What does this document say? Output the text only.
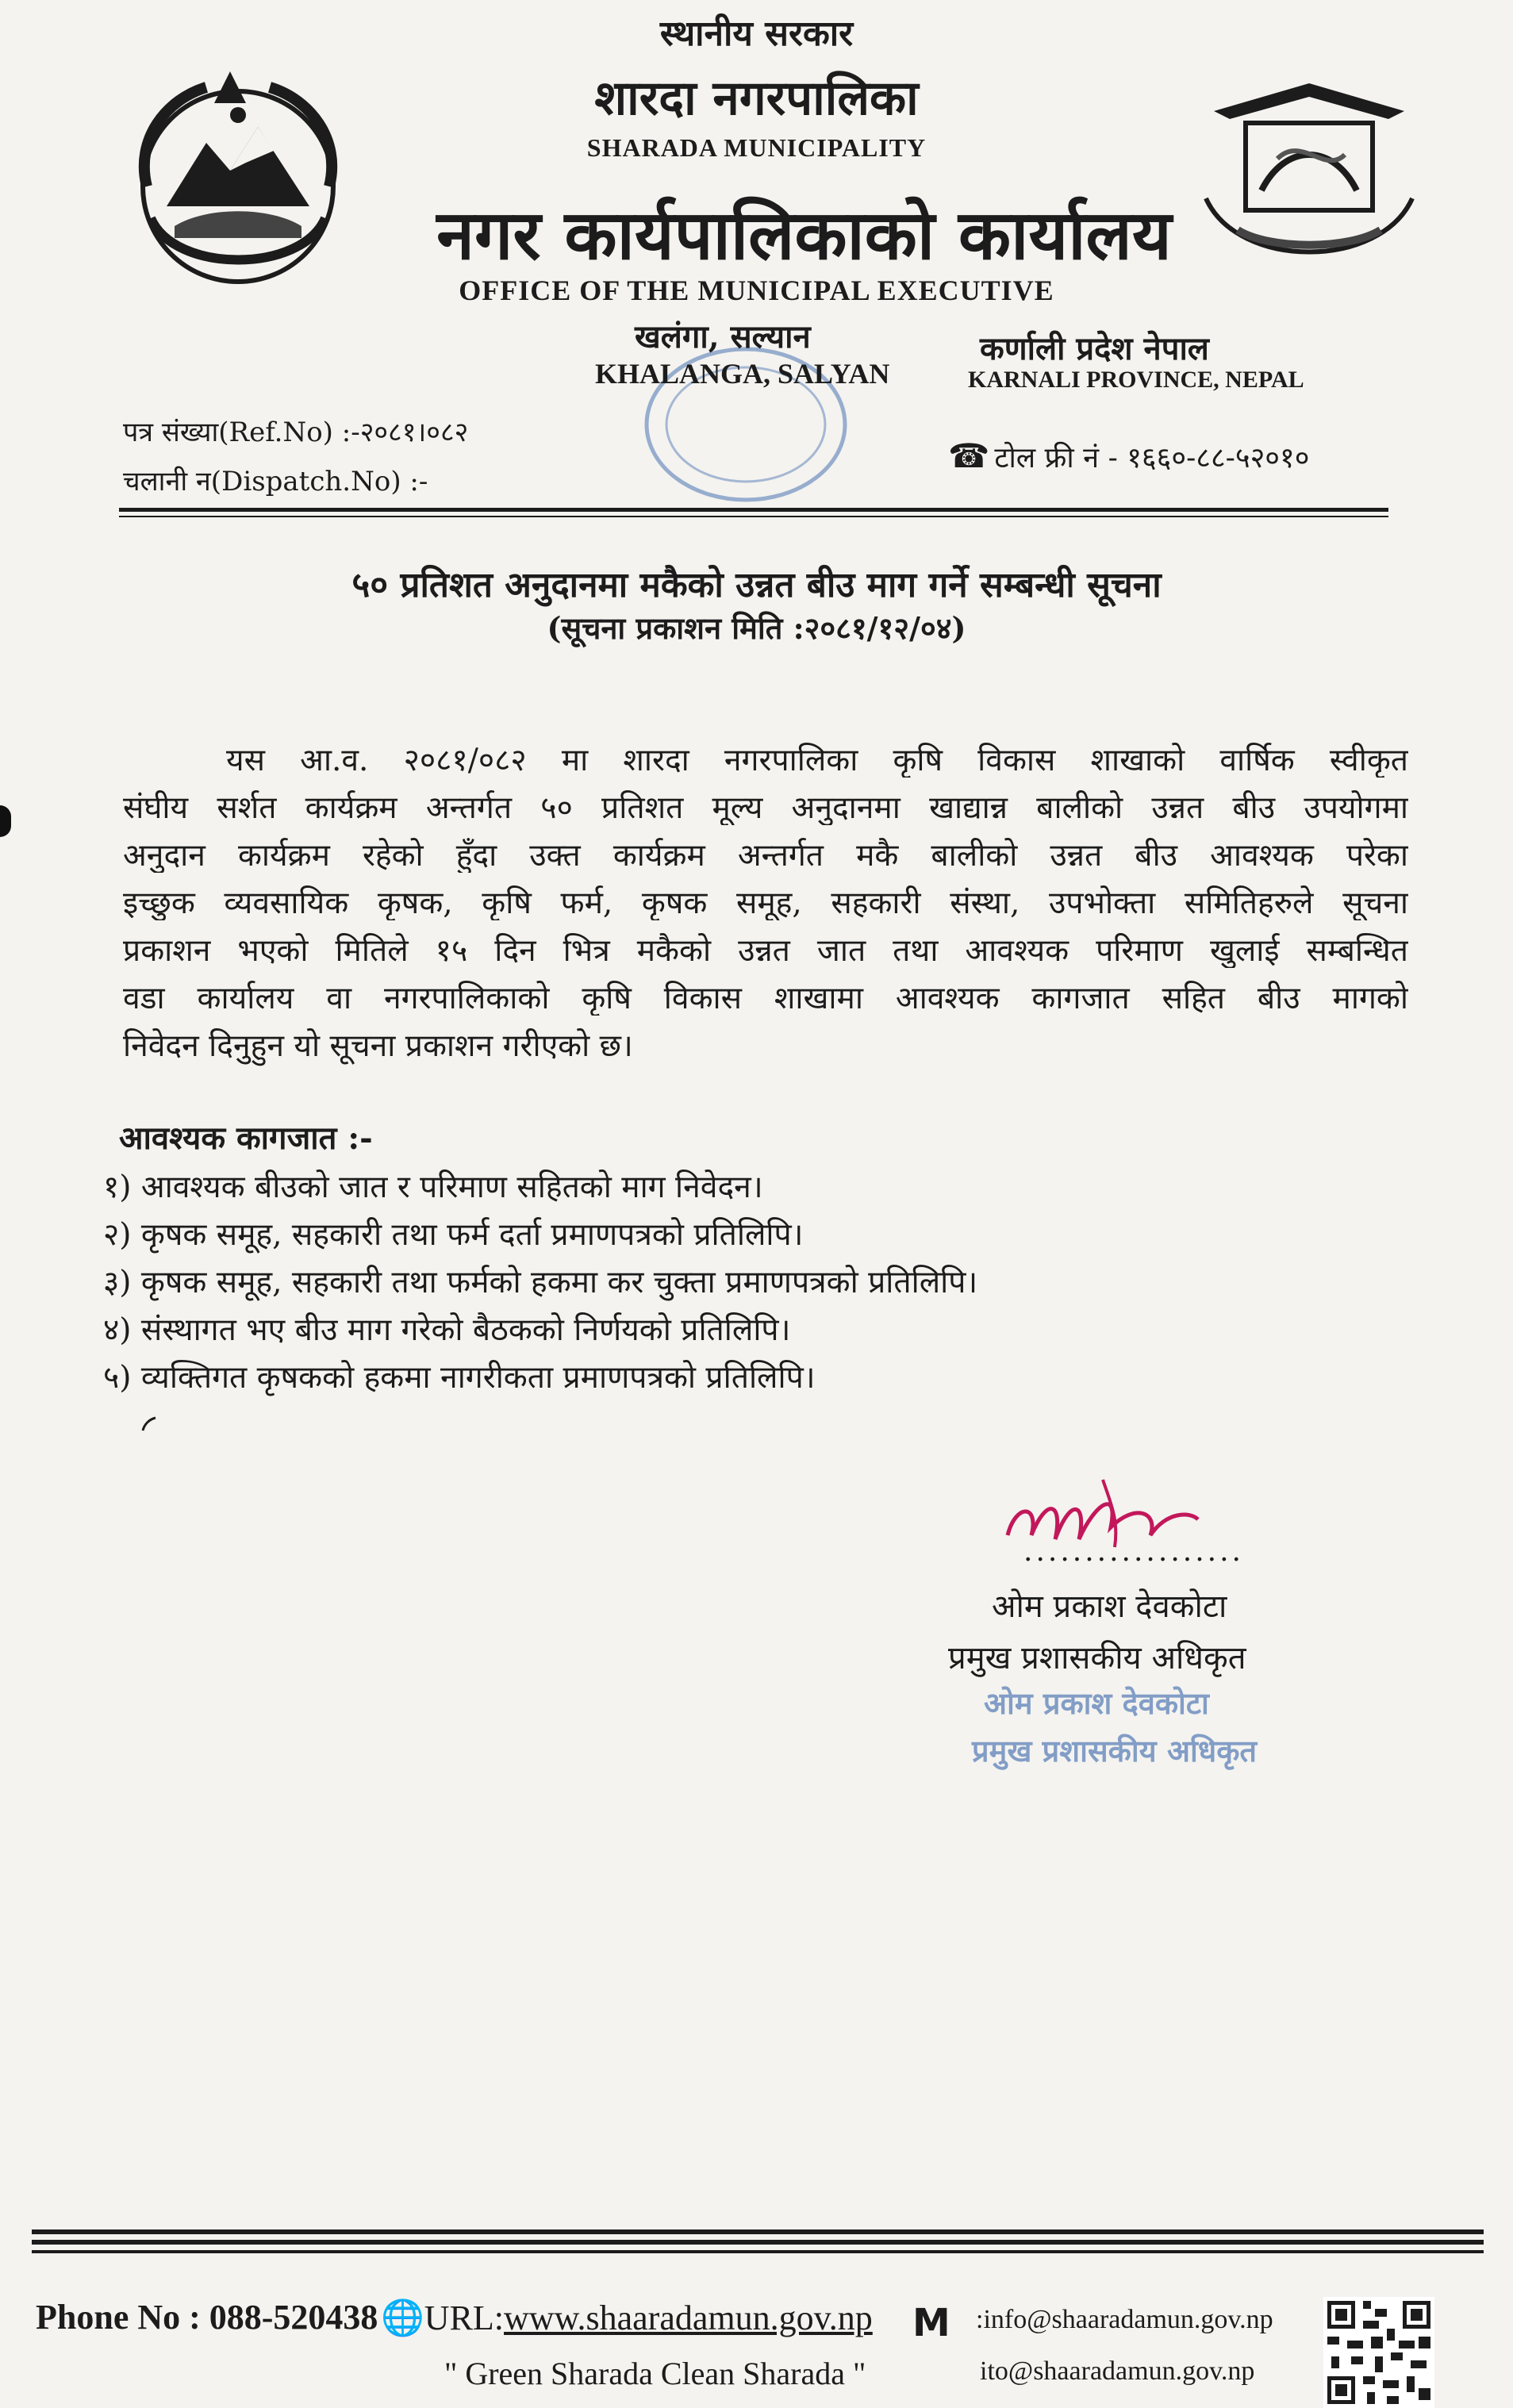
स्थानीय सरकार
शारदा नगरपालिका
SHARADA MUNICIPALITY
नगर कार्यपालिकाको कार्यालय
OFFICE OF THE MUNICIPAL EXECUTIVE
खलंगा, सल्यान
KHALANGA, SALYAN
कर्णाली प्रदेश नेपाल
KARNALI PROVINCE, NEPAL
पत्र संख्या(Ref.No) :-२०८१।०८२
चलानी न(Dispatch.No) :-
☎ टोल फ्री नं - १६६०-८८-५२०१०
५० प्रतिशत अनुदानमा मकैको उन्नत बीउ माग गर्ने सम्बन्धी सूचना
(सूचना प्रकाशन मिति :२०८१/१२/०४)
यस आ.व. २०८१/०८२ मा शारदा नगरपालिका कृषि विकास शाखाको वार्षिक स्वीकृत
संघीय सर्शत कार्यक्रम अन्तर्गत ५० प्रतिशत मूल्य अनुदानमा खाद्यान्न बालीको उन्नत बीउ उपयोगमा
अनुदान कार्यक्रम रहेको हुँदा उक्त कार्यक्रम अन्तर्गत मकै बालीको उन्नत बीउ आवश्यक परेका
इच्छुक व्यवसायिक कृषक, कृषि फर्म, कृषक समूह, सहकारी संस्था, उपभोक्ता समितिहरुले सूचना
प्रकाशन भएको मितिले १५ दिन भित्र मकैको उन्नत जात तथा आवश्यक परिमाण खुलाई सम्बन्धित
वडा कार्यालय वा नगरपालिकाको कृषि विकास शाखामा आवश्यक कागजात सहित बीउ मागको
निवेदन दिनुहुन यो सूचना प्रकाशन गरीएको छ।
आवश्यक कागजात :-
१) आवश्यक बीउको जात र परिमाण सहितको माग निवेदन।
२) कृषक समूह, सहकारी तथा फर्म दर्ता प्रमाणपत्रको प्रतिलिपि।
३) कृषक समूह, सहकारी तथा फर्मको हकमा कर चुक्ता प्रमाणपत्रको प्रतिलिपि।
४) संस्थागत भए बीउ माग गरेको बैठकको निर्णयको प्रतिलिपि।
५) व्यक्तिगत कृषकको हकमा नागरीकता प्रमाणपत्रको प्रतिलिपि।
..................
ओम प्रकाश देवकोटा
प्रमुख प्रशासकीय अधिकृत
ओम प्रकाश देवकोटा
प्रमुख प्रशासकीय अधिकृत
Phone No : 088-520438 🌐URL:www.shaaradamun.gov.np
" Green Sharada Clean Sharada "
M :info@shaaradamun.gov.np
ito@shaaradamun.gov.np
